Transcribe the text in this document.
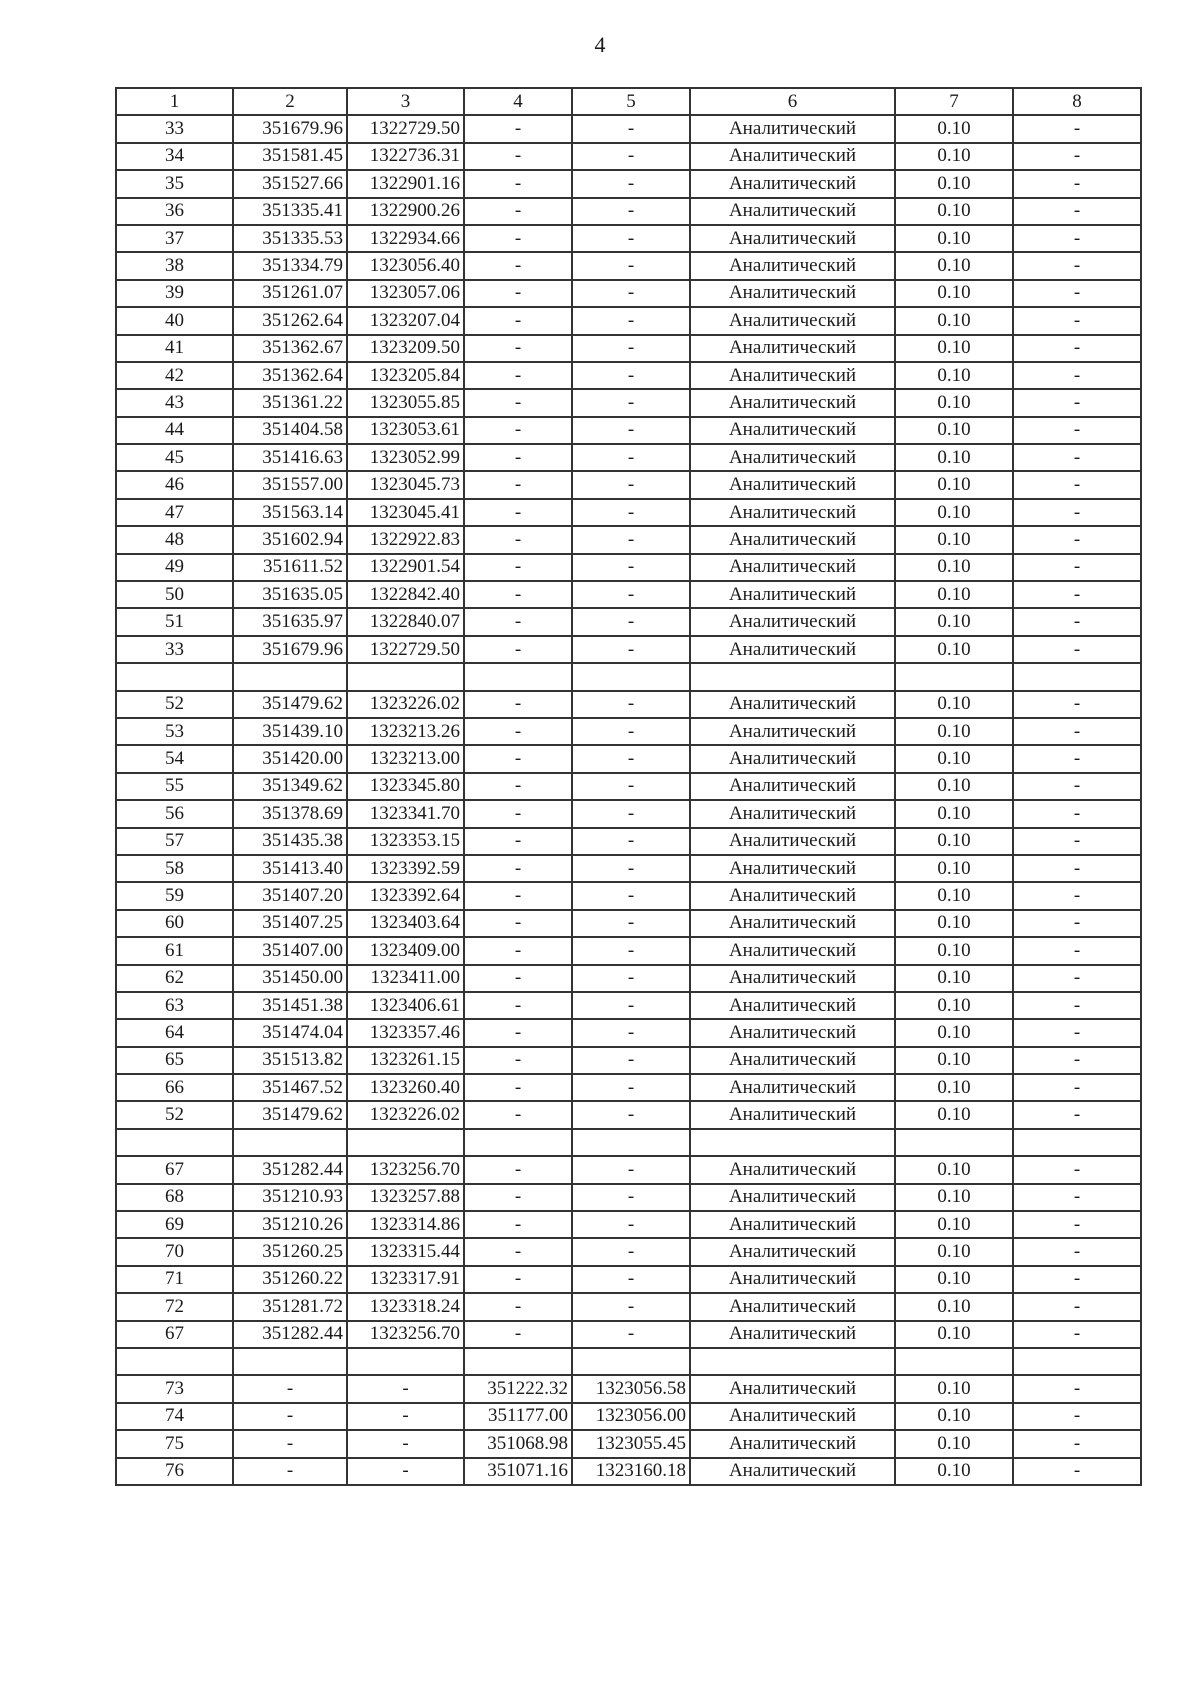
4
1	2	3	4	5	6	7	8
33	351679.96	1322729.50	-	-	Аналитический	0.10	-
34	351581.45	1322736.31	-	-	Аналитический	0.10	-
35	351527.66	1322901.16	-	-	Аналитический	0.10	-
36	351335.41	1322900.26	-	-	Аналитический	0.10	-
37	351335.53	1322934.66	-	-	Аналитический	0.10	-
38	351334.79	1323056.40	-	-	Аналитический	0.10	-
39	351261.07	1323057.06	-	-	Аналитический	0.10	-
40	351262.64	1323207.04	-	-	Аналитический	0.10	-
41	351362.67	1323209.50	-	-	Аналитический	0.10	-
42	351362.64	1323205.84	-	-	Аналитический	0.10	-
43	351361.22	1323055.85	-	-	Аналитический	0.10	-
44	351404.58	1323053.61	-	-	Аналитический	0.10	-
45	351416.63	1323052.99	-	-	Аналитический	0.10	-
46	351557.00	1323045.73	-	-	Аналитический	0.10	-
47	351563.14	1323045.41	-	-	Аналитический	0.10	-
48	351602.94	1322922.83	-	-	Аналитический	0.10	-
49	351611.52	1322901.54	-	-	Аналитический	0.10	-
50	351635.05	1322842.40	-	-	Аналитический	0.10	-
51	351635.97	1322840.07	-	-	Аналитический	0.10	-
33	351679.96	1322729.50	-	-	Аналитический	0.10	-

52	351479.62	1323226.02	-	-	Аналитический	0.10	-
53	351439.10	1323213.26	-	-	Аналитический	0.10	-
54	351420.00	1323213.00	-	-	Аналитический	0.10	-
55	351349.62	1323345.80	-	-	Аналитический	0.10	-
56	351378.69	1323341.70	-	-	Аналитический	0.10	-
57	351435.38	1323353.15	-	-	Аналитический	0.10	-
58	351413.40	1323392.59	-	-	Аналитический	0.10	-
59	351407.20	1323392.64	-	-	Аналитический	0.10	-
60	351407.25	1323403.64	-	-	Аналитический	0.10	-
61	351407.00	1323409.00	-	-	Аналитический	0.10	-
62	351450.00	1323411.00	-	-	Аналитический	0.10	-
63	351451.38	1323406.61	-	-	Аналитический	0.10	-
64	351474.04	1323357.46	-	-	Аналитический	0.10	-
65	351513.82	1323261.15	-	-	Аналитический	0.10	-
66	351467.52	1323260.40	-	-	Аналитический	0.10	-
52	351479.62	1323226.02	-	-	Аналитический	0.10	-

67	351282.44	1323256.70	-	-	Аналитический	0.10	-
68	351210.93	1323257.88	-	-	Аналитический	0.10	-
69	351210.26	1323314.86	-	-	Аналитический	0.10	-
70	351260.25	1323315.44	-	-	Аналитический	0.10	-
71	351260.22	1323317.91	-	-	Аналитический	0.10	-
72	351281.72	1323318.24	-	-	Аналитический	0.10	-
67	351282.44	1323256.70	-	-	Аналитический	0.10	-

73	-	-	351222.32	1323056.58	Аналитический	0.10	-
74	-	-	351177.00	1323056.00	Аналитический	0.10	-
75	-	-	351068.98	1323055.45	Аналитический	0.10	-
76	-	-	351071.16	1323160.18	Аналитический	0.10	-
